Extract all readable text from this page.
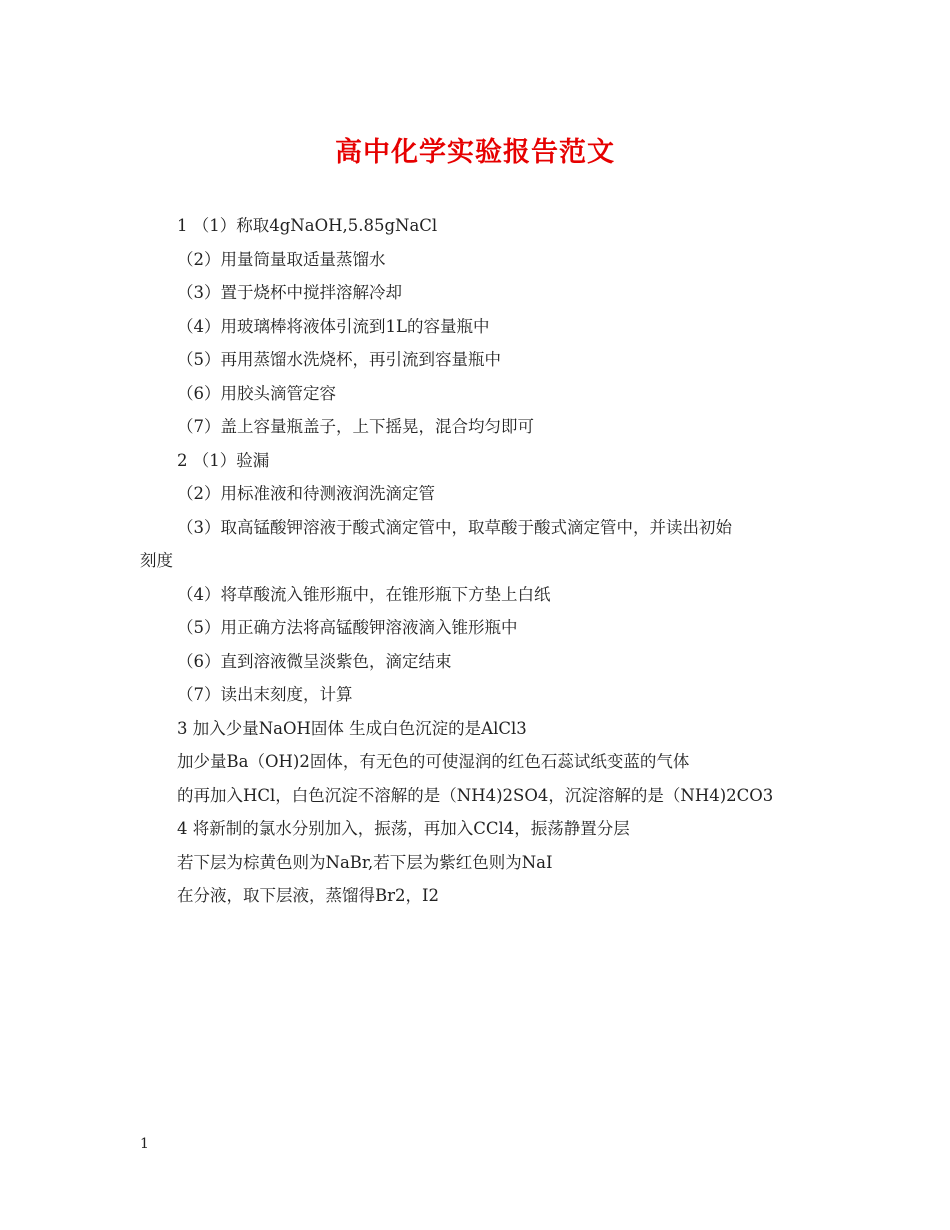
高中化学实验报告范文
1 （1）称取4gNaOH,5.85gNaCl
（2）用量筒量取适量蒸馏水
（3）置于烧杯中搅拌溶解冷却
（4）用玻璃棒将液体引流到1L的容量瓶中
（5）再用蒸馏水洗烧杯，再引流到容量瓶中
（6）用胶头滴管定容
（7）盖上容量瓶盖子，上下摇晃，混合均匀即可
2 （1）验漏
（2）用标准液和待测液润洗滴定管
（3）取高锰酸钾溶液于酸式滴定管中，取草酸于酸式滴定管中，并读出初始
刻度
（4）将草酸流入锥形瓶中，在锥形瓶下方垫上白纸
（5）用正确方法将高锰酸钾溶液滴入锥形瓶中
（6）直到溶液微呈淡紫色，滴定结束
（7）读出末刻度，计算
3 加入少量NaOH固体 生成白色沉淀的是AlCl3
加少量Ba（OH)2固体，有无色的可使湿润的红色石蕊试纸变蓝的气体
的再加入HCl，白色沉淀不溶解的是（NH4)2SO4，沉淀溶解的是（NH4)2CO3
4 将新制的氯水分别加入，振荡，再加入CCl4，振荡静置分层
若下层为棕黄色则为NaBr,若下层为紫红色则为NaI
在分液，取下层液，蒸馏得Br2，I2
1
